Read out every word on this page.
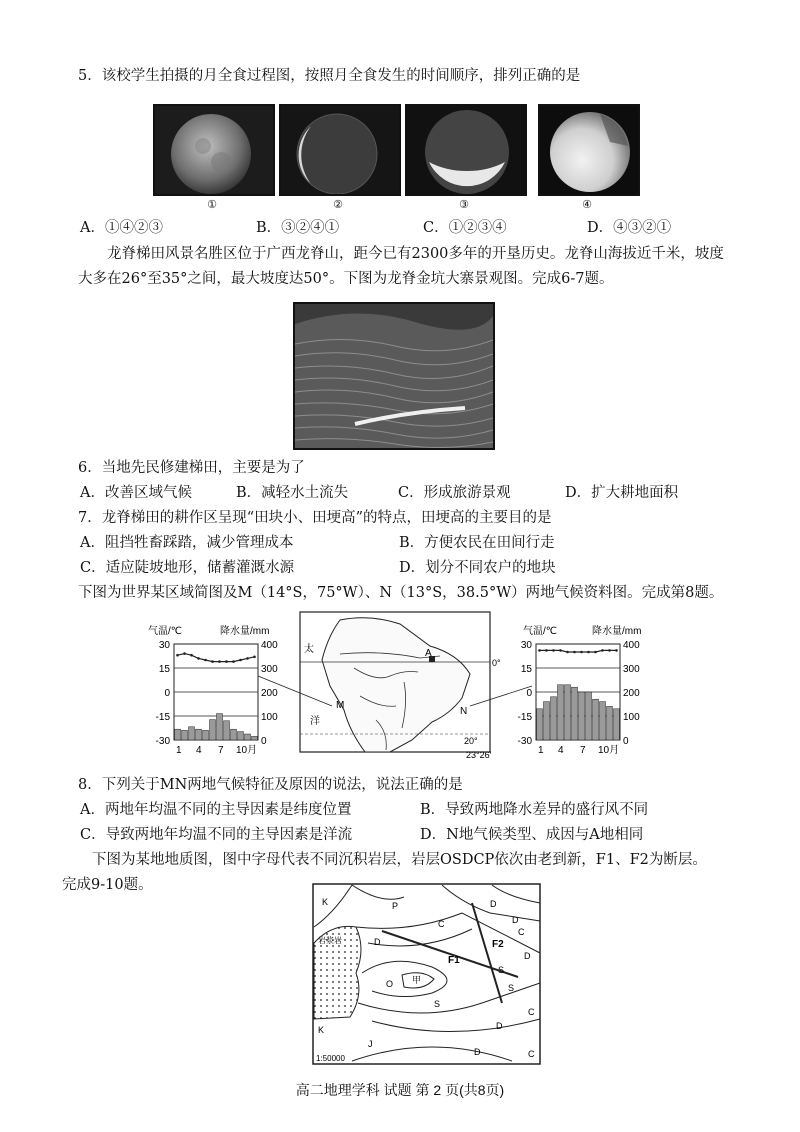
5．该校学生拍摄的月全食过程图，按照月全食发生的时间顺序，排列正确的是
①	②	③	④
A．①④②③	B．③②④①	C．①②③④	D．④③②①
龙脊梯田风景名胜区位于广西龙脊山，距今已有2300多年的开垦历史。龙脊山海拔近千米，坡度大多在26°至35°之间，最大坡度达50°。下图为龙脊金坑大寨景观图。完成6-7题。
6．当地先民修建梯田，主要是为了
A．改善区域气候	B．减轻水土流失	C．形成旅游景观	D．扩大耕地面积
7．龙脊梯田的耕作区呈现“田块小、田埂高”的特点，田埂高的主要目的是
A．阻挡牲畜踩踏，减少管理成本	B．方便农民在田间行走
C．适应陡坡地形，储蓄灌溉水源	D．划分不同农户的地块
下图为世界某区域简图及M（14°S，75°W）、N（13°S，38.5°W）两地气候资料图。完成第8题。
气温/℃	降水量/mm
30
15
0
-15
-30
400
300
200
100
0
1 4 7 10月
A
M
N
太
洋
0°
20°
23°26′
气温/℃	降水量/mm
30
15
0
-15
-30
400
300
200
100
0
1 4 7 10月
8．下列关于MN两地气候特征及原因的说法，说法正确的是
A．两地年均温不同的主导因素是纬度位置	B．导致两地降水差异的盛行风不同
C．导致两地年均温不同的主导因素是洋流	D．N地气候类型、成因与A地相同
下图为某地地质图，图中字母代表不同沉积岩层，岩层OSDCP依次由老到新，F1、F2为断层。
完成9-10题。
K	P
C
D
D
C
D
F1
F2
岩浆岩	D
S
O 甲
S
S
D
C
K
J
D	C
1:50000
高二地理学科 试题 第 2 页(共8页)
